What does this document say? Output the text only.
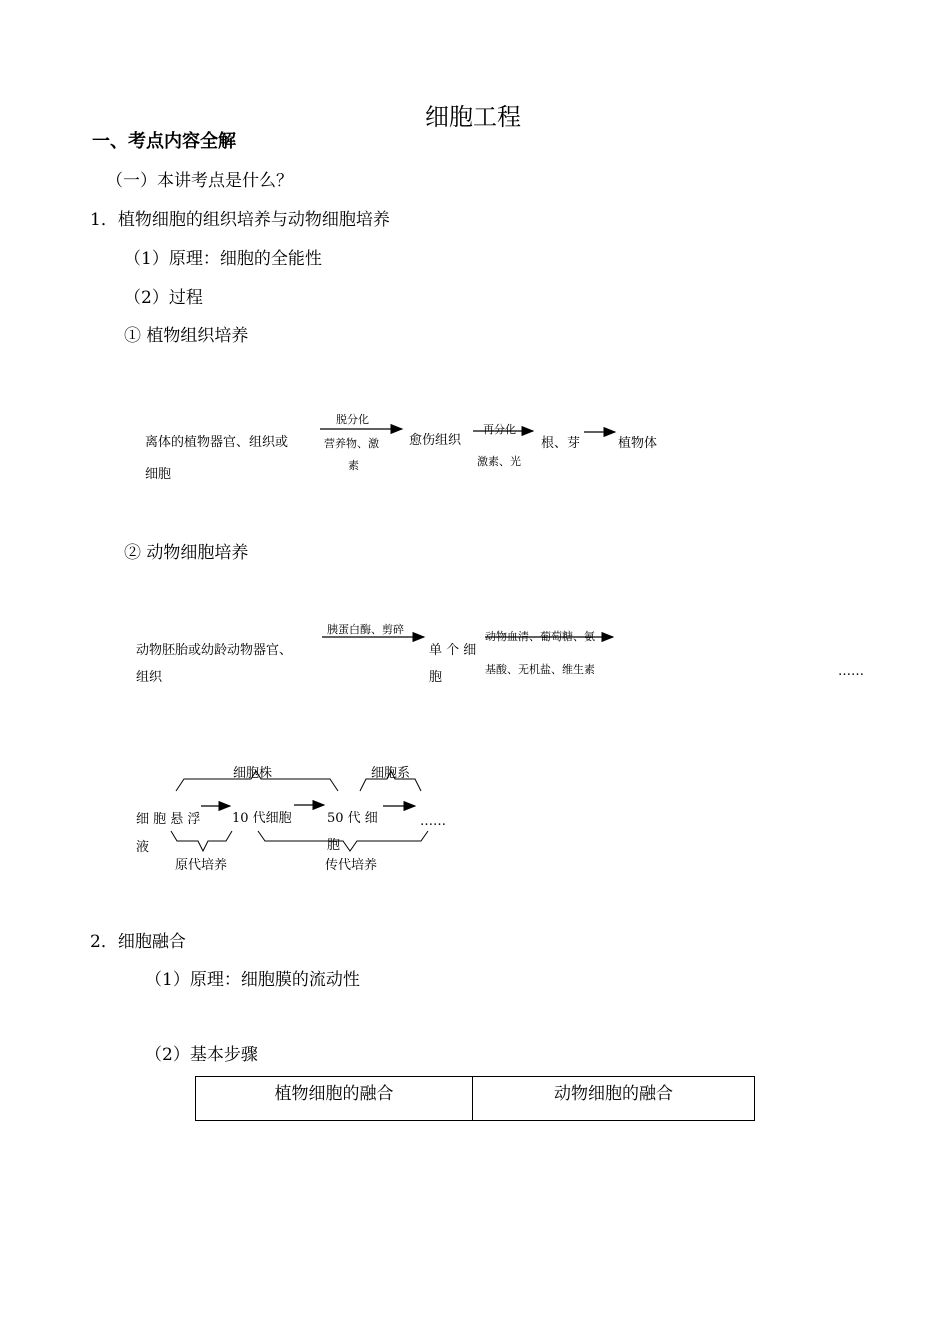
细胞工程
一、考点内容全解
（一）本讲考点是什么？
1．植物细胞的组织培养与动物细胞培养
（1）原理：细胞的全能性
（2）过程
① 植物组织培养
离体的植物器官、组织或
细胞
脱分化
营养物、激
素
愈伤组织
再分化
激素、光
根、芽	植物体
② 动物细胞培养
动物胚胎或幼龄动物器官、
组织
胰蛋白酶、剪碎
单 个 细
胞
动物血清、葡萄糖、氨
基酸、无机盐、维生素	……
细胞株	细胞系
细 胞 悬 浮
液
10 代细胞	50 代 细
胞
……
原代培养	传代培养
2．细胞融合
（1）原理：细胞膜的流动性
（2）基本步骤
植物细胞的融合	动物细胞的融合
